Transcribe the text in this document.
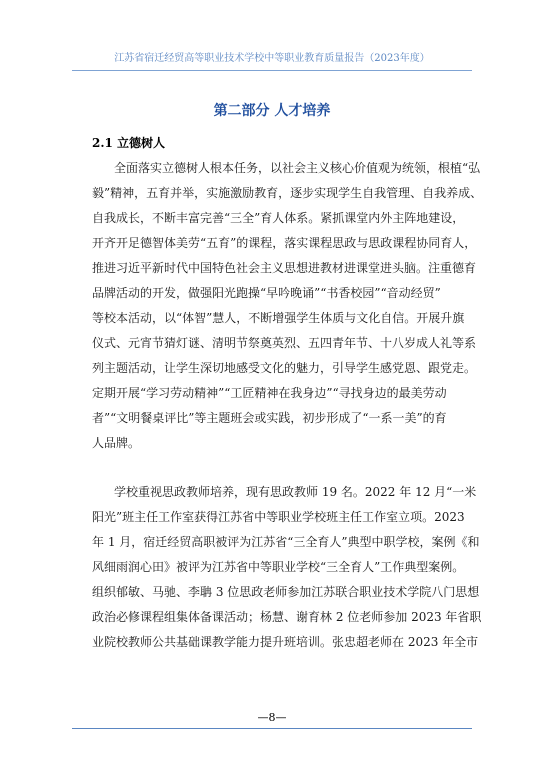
江苏省宿迁经贸高等职业技术学校中等职业教育质量报告（2023年度）
第二部分 人才培养
2.1 立德树人
全面落实立德树人根本任务，以社会主义核心价值观为统领，根植“弘
毅”精神，五育并举，实施激励教育，逐步实现学生自我管理、自我养成、
自我成长，不断丰富完善“三全”育人体系。紧抓课堂内外主阵地建设，
开齐开足德智体美劳“五育”的课程，落实课程思政与思政课程协同育人，
推进习近平新时代中国特色社会主义思想进教材进课堂进头脑。注重德育
品牌活动的开发，做强阳光跑操“早吟晚诵”“书香校园”“音动经贸”
等校本活动，以“体智”慧人，不断增强学生体质与文化自信。开展升旗
仪式、元宵节猜灯谜、清明节祭奠英烈、五四青年节、十八岁成人礼等系
列主题活动，让学生深切地感受文化的魅力，引导学生感党恩、跟党走。
定期开展“学习劳动精神”“工匠精神在我身边”“寻找身边的最美劳动
者”“文明餐桌评比”等主题班会或实践，初步形成了“一系一美”的育
人品牌。
学校重视思政教师培养，现有思政教师 19 名。2022 年 12 月“一米
阳光”班主任工作室获得江苏省中等职业学校班主任工作室立项。2023
年 1 月，宿迁经贸高职被评为江苏省“三全育人”典型中职学校，案例《和
风细雨润心田》被评为江苏省中等职业学校“三全育人”工作典型案例。
组织郁敏、马驰、李聃 3 位思政老师参加江苏联合职业技术学院八门思想
政治必修课程组集体备课活动；杨慧、谢育林 2 位老师参加 2023 年省职
业院校教师公共基础课教学能力提升班培训。张忠超老师在 2023 年全市
—8—
